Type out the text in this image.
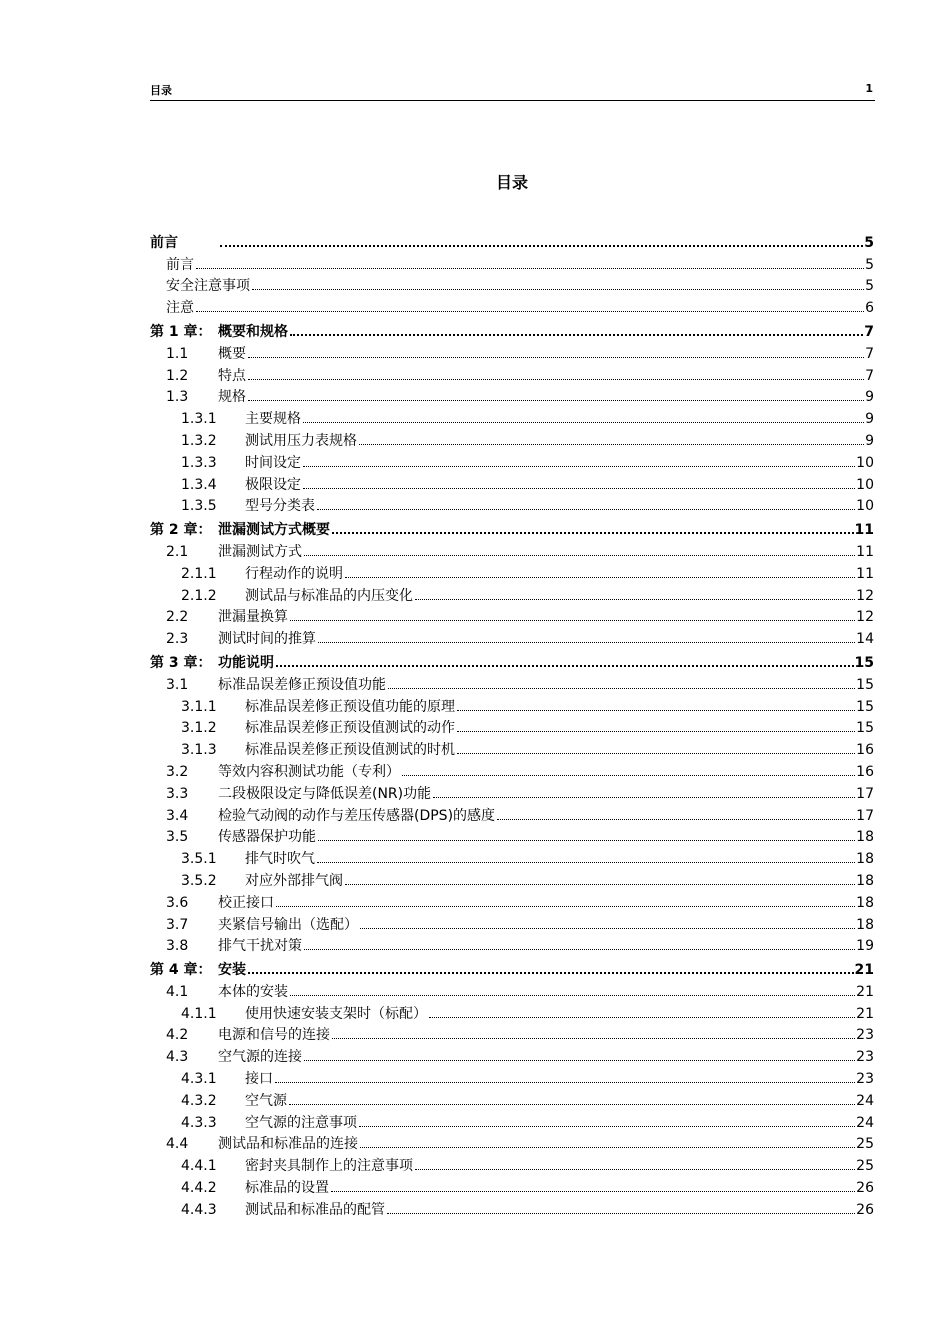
目录	1
目录
前言	5
前言	5
安全注意事项	5
注意	6
第 1 章： 概要和规格	7
1.1	概要	7
1.2	特点	7
1.3	规格	9
1.3.1	主要规格	9
1.3.2	测试用压力表规格	9
1.3.3	时间设定	10
1.3.4	极限设定	10
1.3.5	型号分类表	10
第 2 章： 泄漏测试方式概要	11
2.1	泄漏测试方式	11
2.1.1	行程动作的说明	11
2.1.2	测试品与标准品的内压变化	12
2.2	泄漏量换算	12
2.3	测试时间的推算	14
第 3 章： 功能说明	15
3.1	标准品误差修正预设值功能	15
3.1.1	标准品误差修正预设值功能的原理	15
3.1.2	标准品误差修正预设值测试的动作	15
3.1.3	标准品误差修正预设值测试的时机	16
3.2	等效内容积测试功能（专利）	16
3.3	二段极限设定与降低误差(NR)功能	17
3.4	检验气动阀的动作与差压传感器(DPS)的感度	17
3.5	传感器保护功能	18
3.5.1	排气时吹气	18
3.5.2	对应外部排气阀	18
3.6	校正接口	18
3.7	夹紧信号输出（选配）	18
3.8	排气干扰对策	19
第 4 章： 安装	21
4.1	本体的安装	21
4.1.1	使用快速安装支架时（标配）	21
4.2	电源和信号的连接	23
4.3	空气源的连接	23
4.3.1	接口	23
4.3.2	空气源	24
4.3.3	空气源的注意事项	24
4.4	测试品和标准品的连接	25
4.4.1	密封夹具制作上的注意事项	25
4.4.2	标准品的设置	26
4.4.3	测试品和标准品的配管	26
